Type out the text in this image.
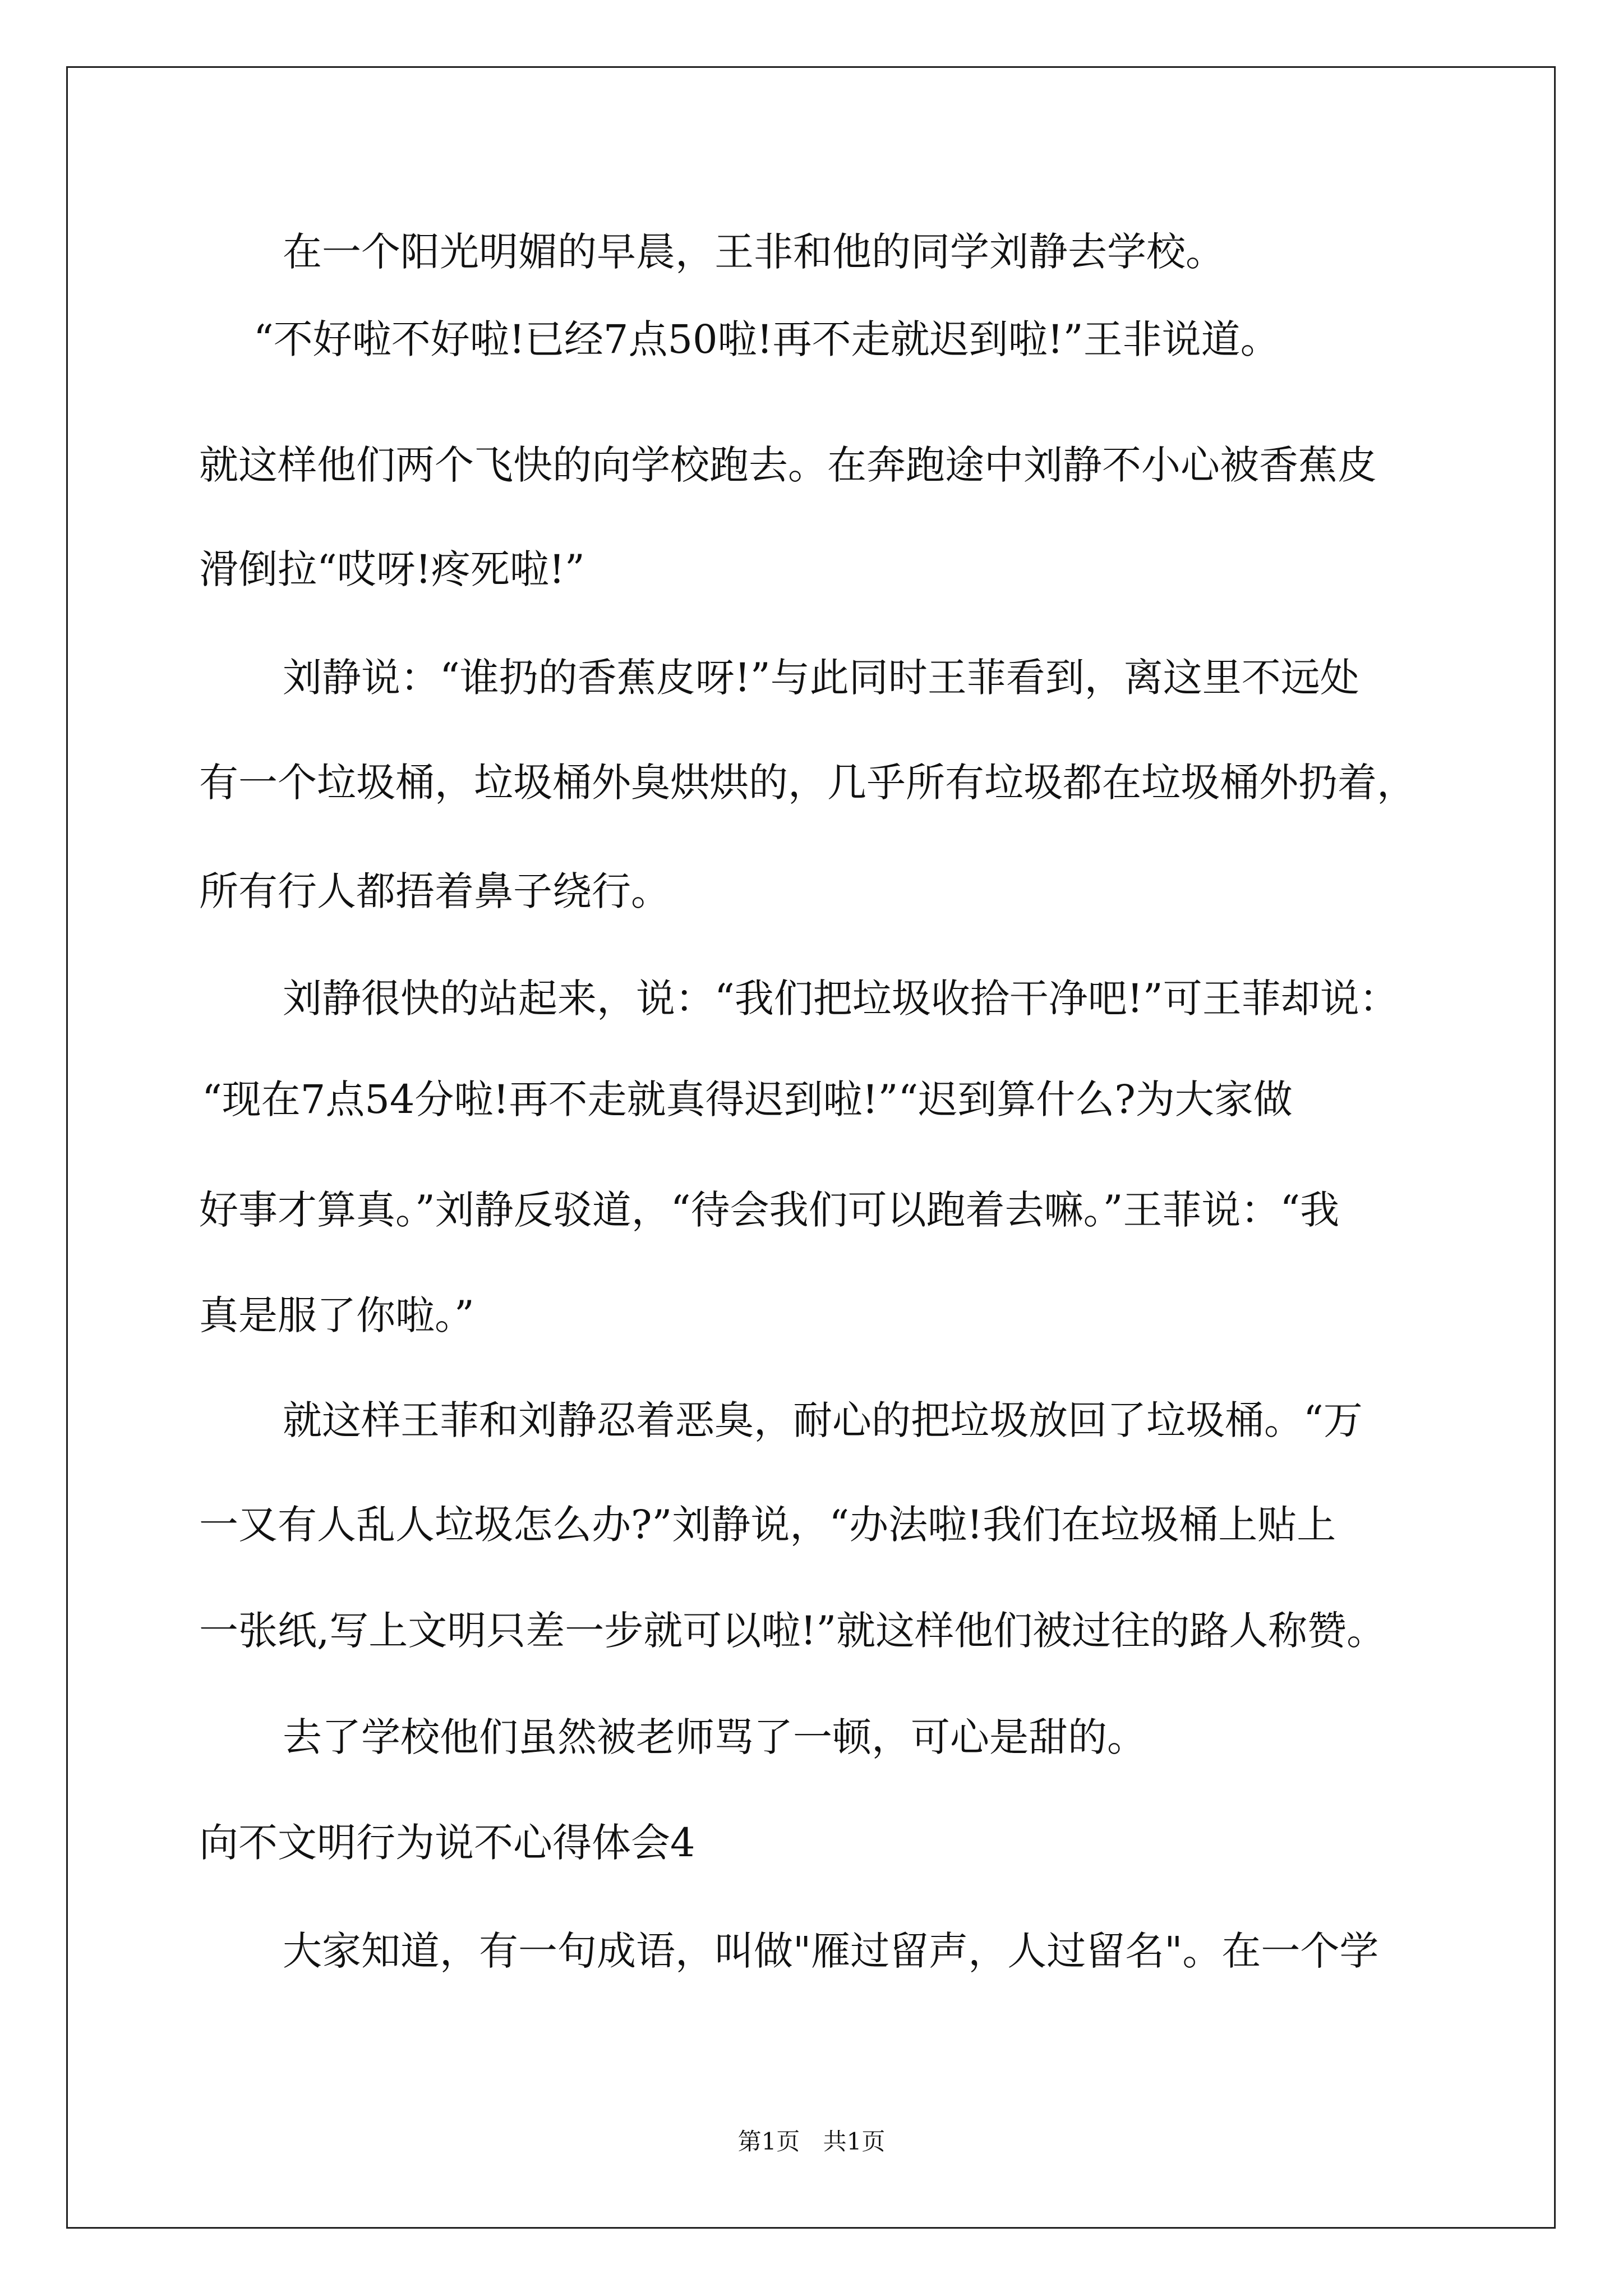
在一个阳光明媚的早晨，王非和他的同学刘静去学校。
“不好啦不好啦!已经7点50啦!再不走就迟到啦!”王非说道。
就这样他们两个飞快的向学校跑去。在奔跑途中刘静不小心被香蕉皮
滑倒拉“哎呀!疼死啦!”
刘静说：“谁扔的香蕉皮呀!”与此同时王菲看到，离这里不远处
有一个垃圾桶，垃圾桶外臭烘烘的，几乎所有垃圾都在垃圾桶外扔着，
所有行人都捂着鼻子绕行。
刘静很快的站起来，说：“我们把垃圾收拾干净吧!”可王菲却说：
“现在7点54分啦!再不走就真得迟到啦!”“迟到算什么?为大家做
好事才算真。”刘静反驳道，“待会我们可以跑着去嘛。”王菲说：“我
真是服了你啦。”
就这样王菲和刘静忍着恶臭，耐心的把垃圾放回了垃圾桶。“万
一又有人乱人垃圾怎么办?”刘静说，“办法啦!我们在垃圾桶上贴上
一张纸,写上文明只差一步就可以啦!”就这样他们被过往的路人称赞。
去了学校他们虽然被老师骂了一顿，可心是甜的。
向不文明行为说不心得体会4
大家知道，有一句成语，叫做"雁过留声，人过留名"。在一个学
第1页 共1页
